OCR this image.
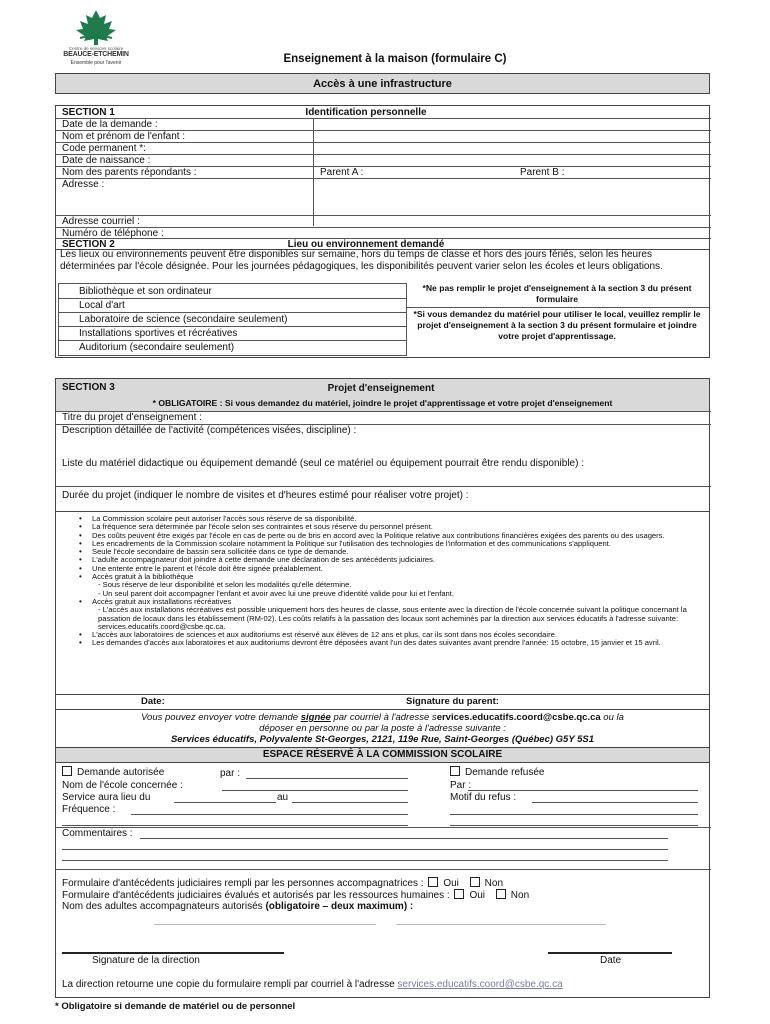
Centre de services scolaire
BEAUCE-ETCHEMIN
Ensemble pour l'avenir	Enseignement à la maison (formulaire C)
Accès à une infrastructure
SECTION 1	Identification personnelle
Date de la demande :
Nom et prénom de l'enfant :
Code permanent *:
Date de naissance :
Nom des parents répondants :	Parent A :	Parent B :
Adresse :
Adresse courriel :
Numéro de téléphone :
SECTION 2	Lieu ou environnement demandé
Les lieux ou environnements peuvent être disponibles sur semaine, hors du temps de classe et hors des jours fériés, selon les heures déterminées par l'école désignée. Pour les journées pédagogiques, les disponibilités peuvent varier selon les écoles et leurs obligations.
Bibliothèque et son ordinateur
Local d'art
Laboratoire de science (secondaire seulement)
Installations sportives et récréatives
Auditorium (secondaire seulement)
*Ne pas remplir le projet d'enseignement à la section 3 du présent formulaire
*Si vous demandez du matériel pour utiliser le local, veuillez remplir le projet d'enseignement à la section 3 du présent formulaire et joindre votre projet d'apprentissage.
SECTION 3	Projet d'enseignement
* OBLIGATOIRE : Si vous demandez du matériel, joindre le projet d'apprentissage et votre projet d'enseignement
Titre du projet d'enseignement :
Description détaillée de l'activité (compétences visées, discipline) :
Liste du matériel didactique ou équipement demandé (seul ce matériel ou équipement pourrait être rendu disponible) :
Durée du projet (indiquer le nombre de visites et d'heures estimé pour réaliser votre projet) :
• La Commission scolaire peut autoriser l'accès sous réserve de sa disponibilité.
• La fréquence sera déterminée par l'école selon ses contraintes et sous réserve du personnel présent.
• Des coûts peuvent être exigés par l'école en cas de perte ou de bris en accord avec la Politique relative aux contributions financières exigées des parents ou des usagers.
• Les encadrements de la Commission scolaire notamment la Politique sur l'utilisation des technologies de l'information et des communications s'appliquent.
• Seule l'école secondaire de bassin sera sollicitée dans ce type de demande.
• L'adulte accompagnateur doit joindre à cette demande une déclaration de ses antécédents judiciaires.
• Une entente entre le parent et l'école doit être signée préalablement.
• Accès gratuit à la bibliothèque
- Sous réserve de leur disponibilité et selon les modalités qu'elle détermine.
- Un seul parent doit accompagner l'enfant et avoir avec lui une preuve d'identité valide pour lui et l'enfant.
• Accès gratuit aux installations récréatives
- L'accès aux installations récréatives est possible uniquement hors des heures de classe, sous entente avec la direction de l'école concernée suivant la politique concernant la passation de locaux dans les établissement (RM-02). Les coûts relatifs à la passation des locaux sont acheminés par la direction aux services éducatifs à l'adresse suivante: services.educatifs.coord@csbe.qc.ca.
• L'accès aux laboratoires de sciences et aux auditoriums est réservé aux élèves de 12 ans et plus, car ils sont dans nos écoles secondaire.
• Les demandes d'accès aux laboratoires et aux auditoriums devront être déposées avant l'un des dates suivantes avant prendre l'année: 15 octobre, 15 janvier et 15 avril.
Date:	Signature du parent:
Vous pouvez envoyer votre demande signée par courriel à l'adresse services.educatifs.coord@csbe.qc.ca ou la
déposer en personne ou par la poste à l'adresse suivante :
Services éducatifs, Polyvalente St-Georges, 2121, 119e Rue, Saint-Georges (Québec) G5Y 5S1
ESPACE RÉSERVÉ À LA COMMISSION SCOLAIRE
Demande autorisée	par :
Nom de l'école concernée :
Service aura lieu du	au
Fréquence :
Demande refusée
Par :
Motif du refus :
Commentaires :
Formulaire d'antécédents judiciaires rempli par les personnes accompagnatrices : Oui	Non
Formulaire d'antécédents judiciaires évalués et autorisés par les ressources humaines : Oui	Non
Nom des adultes accompagnateurs autorisés (obligatoire – deux maximum) :
Signature de la direction	Date
La direction retourne une copie du formulaire rempli par courriel à l'adresse services.educatifs.coord@csbe.qc.ca
* Obligatoire si demande de matériel ou de personnel
